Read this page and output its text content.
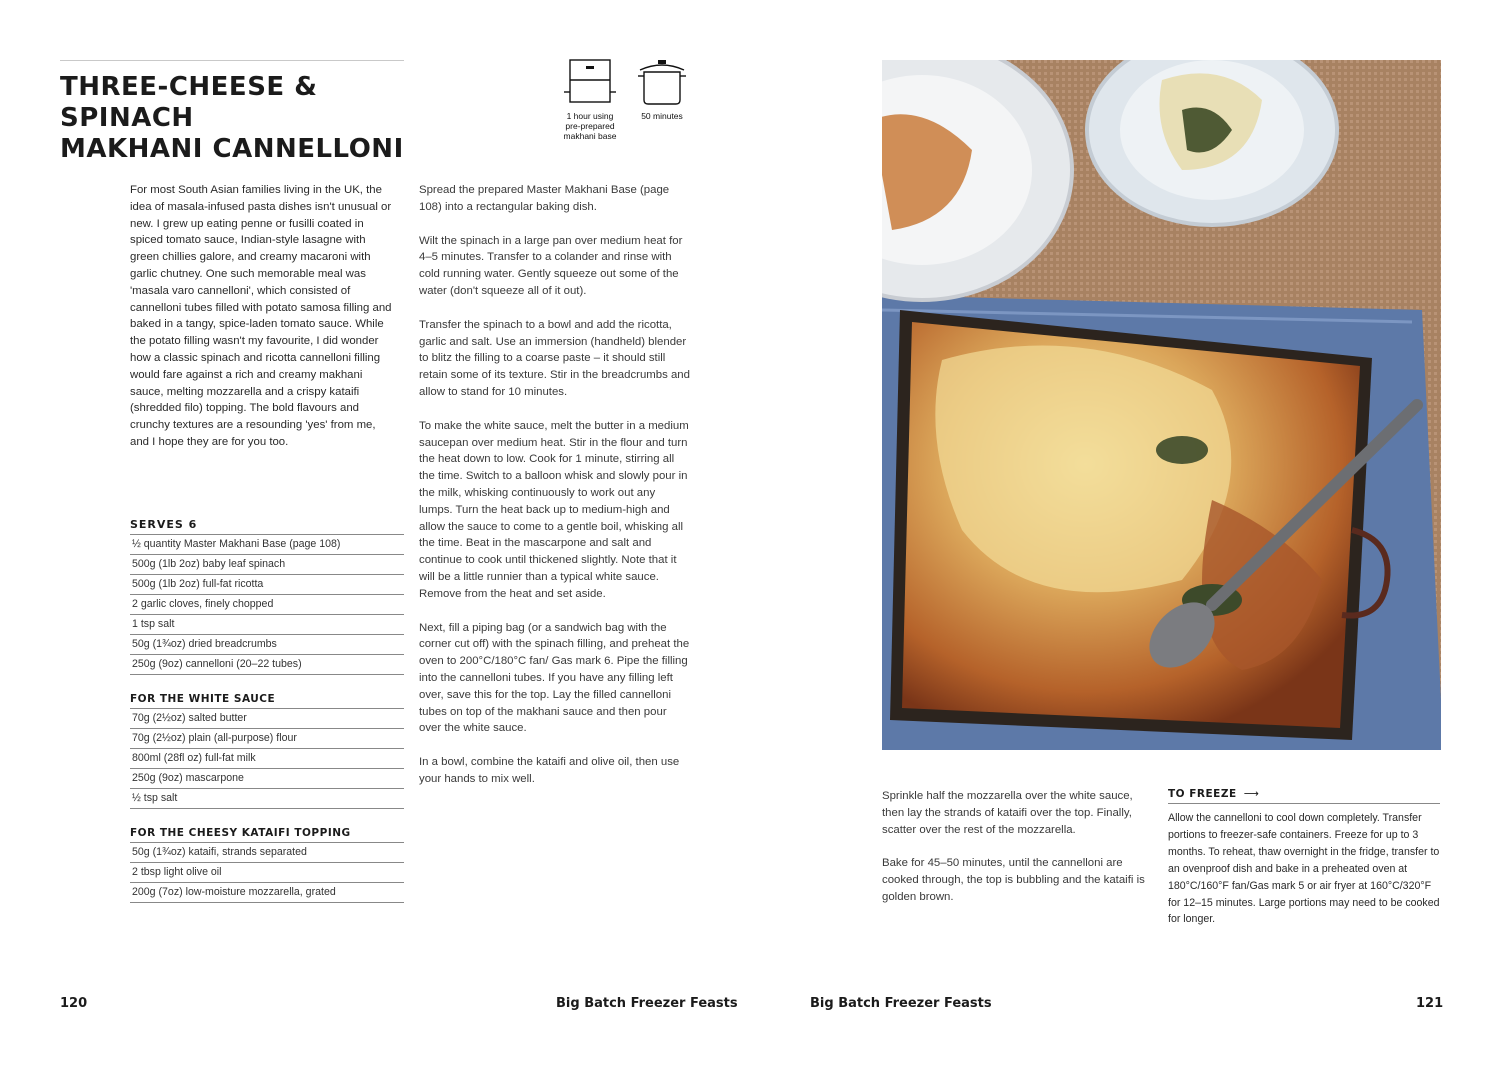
THREE-CHEESE & SPINACH
MAKHANI CANNELLONI
1 hour using pre-prepared makhani base
50 minutes

For most South Asian families living in the UK, the idea of masala-infused pasta dishes isn't unusual or new. I grew up eating penne or fusilli coated in spiced tomato sauce, Indian-style lasagne with green chillies galore, and creamy macaroni with garlic chutney. One such memorable meal was 'masala varo cannelloni', which consisted of cannelloni tubes filled with potato samosa filling and baked in a tangy, spice-laden tomato sauce. While the potato filling wasn't my favourite, I did wonder how a classic spinach and ricotta cannelloni filling would fare against a rich and creamy makhani sauce, melting mozzarella and a crispy kataifi (shredded filo) topping. The bold flavours and crunchy textures are a resounding 'yes' from me, and I hope they are for you too.

SERVES 6
½ quantity Master Makhani Base (page 108)
500g (1lb 2oz) baby leaf spinach
500g (1lb 2oz) full-fat ricotta
2 garlic cloves, finely chopped
1 tsp salt
50g (1¾oz) dried breadcrumbs
250g (9oz) cannelloni (20–22 tubes)
FOR THE WHITE SAUCE
70g (2½oz) salted butter
70g (2½oz) plain (all-purpose) flour
800ml (28fl oz) full-fat milk
250g (9oz) mascarpone
½ tsp salt
FOR THE CHEESY KATAIFI TOPPING
50g (1¾oz) kataifi, strands separated
2 tbsp light olive oil
200g (7oz) low-moisture mozzarella, grated

Spread the prepared Master Makhani Base (page 108) into a rectangular baking dish.

Wilt the spinach in a large pan over medium heat for 4–5 minutes. Transfer to a colander and rinse with cold running water. Gently squeeze out some of the water (don't squeeze all of it out).

Transfer the spinach to a bowl and add the ricotta, garlic and salt. Use an immersion (handheld) blender to blitz the filling to a coarse paste – it should still retain some of its texture. Stir in the breadcrumbs and allow to stand for 10 minutes.

To make the white sauce, melt the butter in a medium saucepan over medium heat. Stir in the flour and turn the heat down to low. Cook for 1 minute, stirring all the time. Switch to a balloon whisk and slowly pour in the milk, whisking continuously to work out any lumps. Turn the heat back up to medium-high and allow the sauce to come to a gentle boil, whisking all the time. Beat in the mascarpone and salt and continue to cook until thickened slightly. Note that it will be a little runnier than a typical white sauce. Remove from the heat and set aside.

Next, fill a piping bag (or a sandwich bag with the corner cut off) with the spinach filling, and preheat the oven to 200°C/180°C fan/ Gas mark 6. Pipe the filling into the cannelloni tubes. If you have any filling left over, save this for the top. Lay the filled cannelloni tubes on top of the makhani sauce and then pour over the white sauce.

In a bowl, combine the kataifi and olive oil, then use your hands to mix well.

120	Big Batch Freezer Feasts

Sprinkle half the mozzarella over the white sauce, then lay the strands of kataifi over the top. Finally, scatter over the rest of the mozzarella.

Bake for 45–50 minutes, until the cannelloni are cooked through, the top is bubbling and the kataifi is golden brown.

TO FREEZE ⟶
Allow the cannelloni to cool down completely. Transfer portions to freezer-safe containers. Freeze for up to 3 months. To reheat, thaw overnight in the fridge, transfer to an ovenproof dish and bake in a preheated oven at 180°C/160°F fan/Gas mark 5 or air fryer at 160°C/320°F for 12–15 minutes. Large portions may need to be cooked for longer.
Big Batch Freezer Feasts	121
